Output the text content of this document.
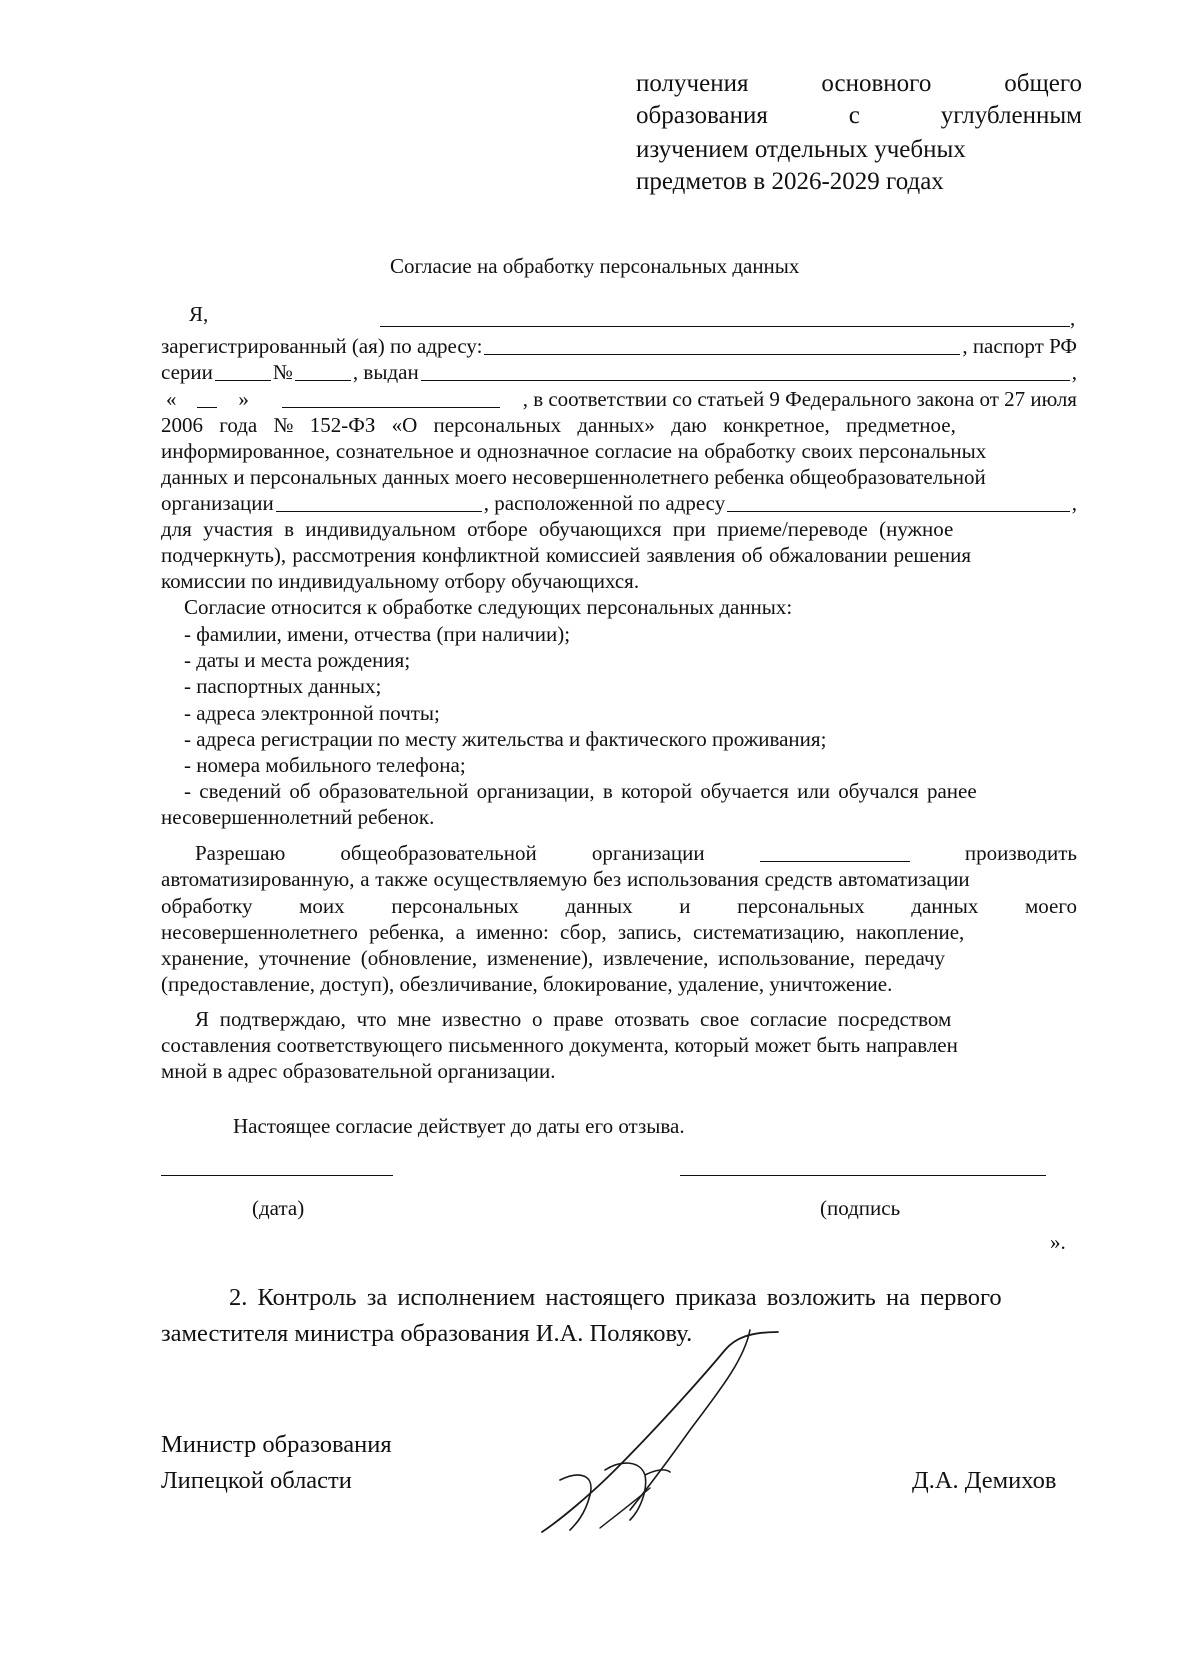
получения	основного	общего
образования	с	углубленным
изучением отдельных учебных
предметов в 2026-2029 годах
Согласие на обработку персональных данных
Я,	,
зарегистрированный (ая) по адресу:	, паспорт РФ
серии	№	, выдан	,
«	»	, в соответствии со статьей 9 Федерального закона от 27 июля
2006 года № 152-ФЗ «О персональных данных» даю конкретное, предметное,
информированное, сознательное и однозначное согласие на обработку своих персональных
данных и персональных данных моего несовершеннолетнего ребенка общеобразовательной
организации	, расположенной по адресу	,
для участия в индивидуальном отборе обучающихся при приеме/переводе (нужное
подчеркнуть), рассмотрения конфликтной комиссией заявления об обжаловании решения
комиссии по индивидуальному отбору обучающихся.
Согласие относится к обработке следующих персональных данных:
- фамилии, имени, отчества (при наличии);
- даты и места рождения;
- паспортных данных;
- адреса электронной почты;
- адреса регистрации по месту жительства и фактического проживания;
- номера мобильного телефона;
- сведений об образовательной организации, в которой обучается или обучался ранее
несовершеннолетний ребенок.
Разрешаю	общеобразовательной	организации	производить
автоматизированную, а также осуществляемую без использования средств автоматизации
обработку моих персональных данных и персональных данных моего
несовершеннолетнего ребенка, а именно: сбор, запись, систематизацию, накопление,
хранение, уточнение (обновление, изменение), извлечение, использование, передачу
(предоставление, доступ), обезличивание, блокирование, удаление, уничтожение.
Я подтверждаю, что мне известно о праве отозвать свое согласие посредством
составления соответствующего письменного документа, который может быть направлен
мной в адрес образовательной организации.
Настоящее согласие действует до даты его отзыва.
(дата)	(подпись
».
2. Контроль за исполнением настоящего приказа возложить на первого
заместителя министра образования И.А. Полякову.
Министр образования
Липецкой области	Д.А. Демихов
